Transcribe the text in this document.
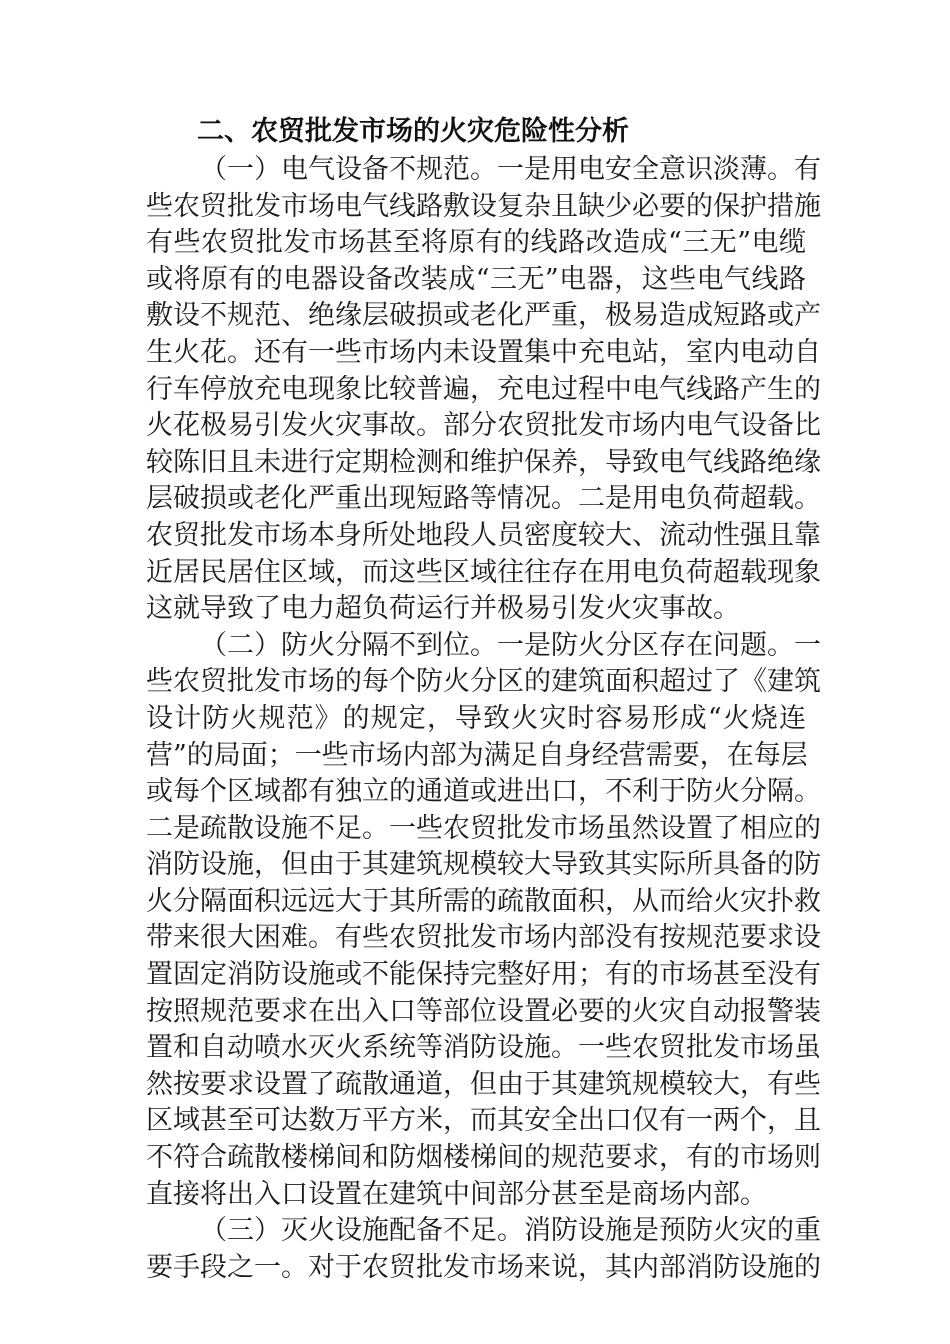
二、农贸批发市场的火灾危险性分析
（一）电气设备不规范。一是用电安全意识淡薄。有
些农贸批发市场电气线路敷设复杂且缺少必要的保护措施
有些农贸批发市场甚至将原有的线路改造成“三无”电缆
或将原有的电器设备改装成“三无”电器，这些电气线路
敷设不规范、绝缘层破损或老化严重，极易造成短路或产
生火花。还有一些市场内未设置集中充电站，室内电动自
行车停放充电现象比较普遍，充电过程中电气线路产生的
火花极易引发火灾事故。部分农贸批发市场内电气设备比
较陈旧且未进行定期检测和维护保养，导致电气线路绝缘
层破损或老化严重出现短路等情况。二是用电负荷超载。
农贸批发市场本身所处地段人员密度较大、流动性强且靠
近居民居住区域，而这些区域往往存在用电负荷超载现象
这就导致了电力超负荷运行并极易引发火灾事故。
（二）防火分隔不到位。一是防火分区存在问题。一
些农贸批发市场的每个防火分区的建筑面积超过了《建筑
设计防火规范》的规定，导致火灾时容易形成“火烧连
营”的局面；一些市场内部为满足自身经营需要，在每层
或每个区域都有独立的通道或进出口，不利于防火分隔。
二是疏散设施不足。一些农贸批发市场虽然设置了相应的
消防设施，但由于其建筑规模较大导致其实际所具备的防
火分隔面积远远大于其所需的疏散面积，从而给火灾扑救
带来很大困难。有些农贸批发市场内部没有按规范要求设
置固定消防设施或不能保持完整好用；有的市场甚至没有
按照规范要求在出入口等部位设置必要的火灾自动报警装
置和自动喷水灭火系统等消防设施。一些农贸批发市场虽
然按要求设置了疏散通道，但由于其建筑规模较大，有些
区域甚至可达数万平方米，而其安全出口仅有一两个，且
不符合疏散楼梯间和防烟楼梯间的规范要求，有的市场则
直接将出入口设置在建筑中间部分甚至是商场内部。
（三）灭火设施配备不足。消防设施是预防火灾的重
要手段之一。对于农贸批发市场来说，其内部消防设施的
